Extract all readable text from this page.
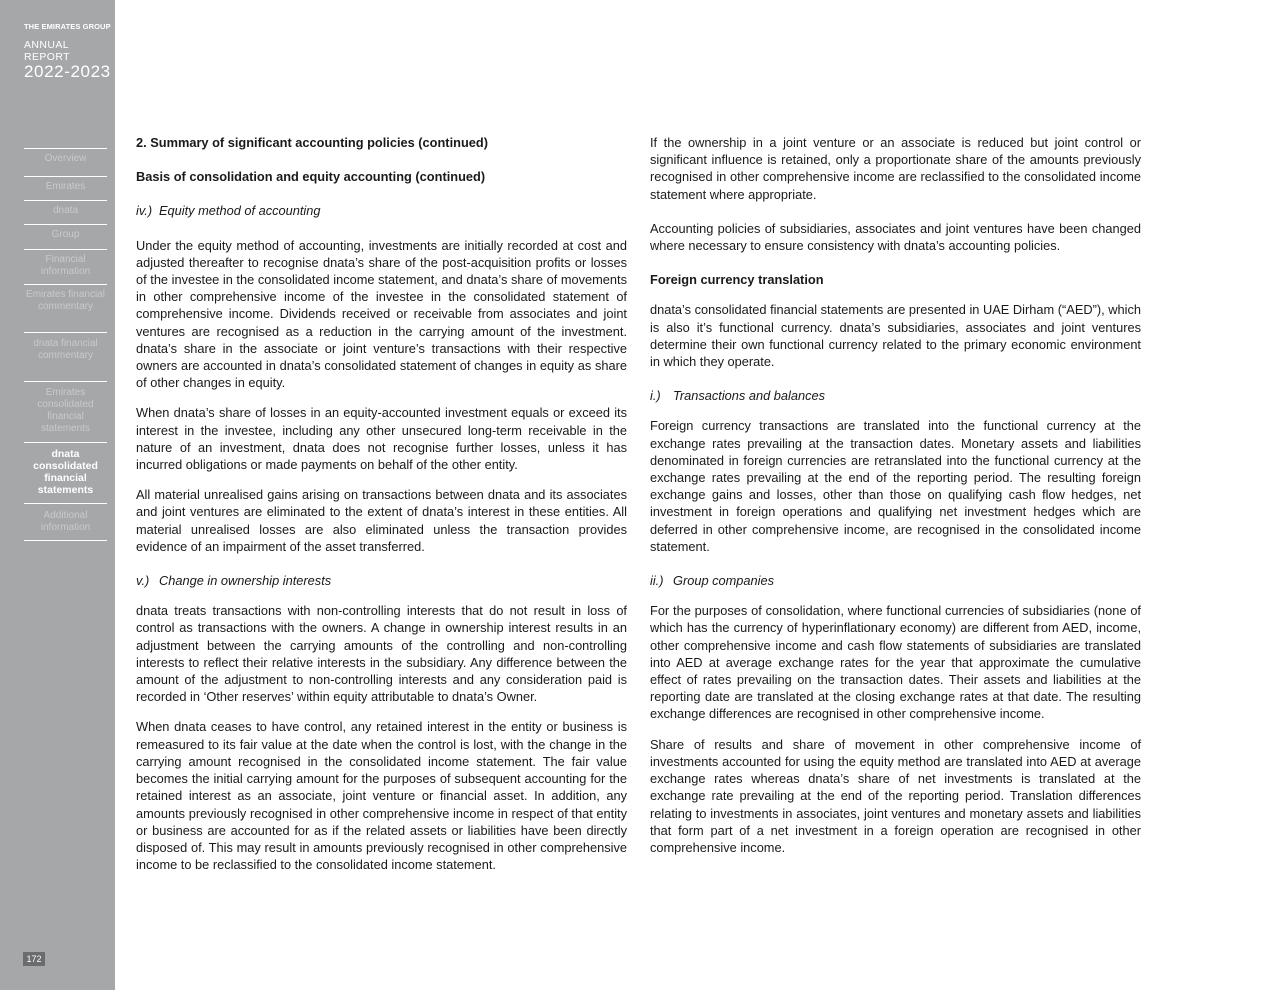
THE EMIRATES GROUP
ANNUAL REPORT
2022-2023
Overview
Emirates
dnata
Group
Financial information
Emirates financial commentary
dnata financial commentary
Emirates consolidated financial statements
dnata consolidated financial statements
Additional information
172

2. Summary of significant accounting policies (continued)

Basis of consolidation and equity accounting (continued)

iv.) Equity method of accounting

Under the equity method of accounting, investments are initially recorded at cost and adjusted thereafter to recognise dnata’s share of the post-acquisition profits or losses of the investee in the consolidated income statement, and dnata’s share of movements in other comprehensive income of the investee in the consolidated statement of comprehensive income. Dividends received or receivable from associates and joint ventures are recognised as a reduction in the carrying amount of the investment. dnata’s share in the associate or joint venture’s transactions with their respective owners are accounted in dnata’s consolidated statement of changes in equity as share of other changes in equity.

When dnata’s share of losses in an equity-accounted investment equals or exceed its interest in the investee, including any other unsecured long-term receivable in the nature of an investment, dnata does not recognise further losses, unless it has incurred obligations or made payments on behalf of the other entity.

All material unrealised gains arising on transactions between dnata and its associates and joint ventures are eliminated to the extent of dnata’s interest in these entities. All material unrealised losses are also eliminated unless the transaction provides evidence of an impairment of the asset transferred.

v.) Change in ownership interests

dnata treats transactions with non-controlling interests that do not result in loss of control as transactions with the owners. A change in ownership interest results in an adjustment between the carrying amounts of the controlling and non-controlling interests to reflect their relative interests in the subsidiary. Any difference between the amount of the adjustment to non-controlling interests and any consideration paid is recorded in ‘Other reserves’ within equity attributable to dnata’s Owner.

When dnata ceases to have control, any retained interest in the entity or business is remeasured to its fair value at the date when the control is lost, with the change in the carrying amount recognised in the consolidated income statement. The fair value becomes the initial carrying amount for the purposes of subsequent accounting for the retained interest as an associate, joint venture or financial asset. In addition, any amounts previously recognised in other comprehensive income in respect of that entity or business are accounted for as if the related assets or liabilities have been directly disposed of. This may result in amounts previously recognised in other comprehensive income to be reclassified to the consolidated income statement.

If the ownership in a joint venture or an associate is reduced but joint control or significant influence is retained, only a proportionate share of the amounts previously recognised in other comprehensive income are reclassified to the consolidated income statement where appropriate.

Accounting policies of subsidiaries, associates and joint ventures have been changed where necessary to ensure consistency with dnata’s accounting policies.

Foreign currency translation

dnata’s consolidated financial statements are presented in UAE Dirham (“AED”), which is also it’s functional currency. dnata’s subsidiaries, associates and joint ventures determine their own functional currency related to the primary economic environment in which they operate.

i.) Transactions and balances

Foreign currency transactions are translated into the functional currency at the exchange rates prevailing at the transaction dates. Monetary assets and liabilities denominated in foreign currencies are retranslated into the functional currency at the exchange rates prevailing at the end of the reporting period. The resulting foreign exchange gains and losses, other than those on qualifying cash flow hedges, net investment in foreign operations and qualifying net investment hedges which are deferred in other comprehensive income, are recognised in the consolidated income statement.

ii.) Group companies

For the purposes of consolidation, where functional currencies of subsidiaries (none of which has the currency of hyperinflationary economy) are different from AED, income, other comprehensive income and cash flow statements of subsidiaries are translated into AED at average exchange rates for the year that approximate the cumulative effect of rates prevailing on the transaction dates. Their assets and liabilities at the reporting date are translated at the closing exchange rates at that date. The resulting exchange differences are recognised in other comprehensive income.

Share of results and share of movement in other comprehensive income of investments accounted for using the equity method are translated into AED at average exchange rates whereas dnata’s share of net investments is translated at the exchange rate prevailing at the end of the reporting period. Translation differences relating to investments in associates, joint ventures and monetary assets and liabilities that form part of a net investment in a foreign operation are recognised in other comprehensive income.
